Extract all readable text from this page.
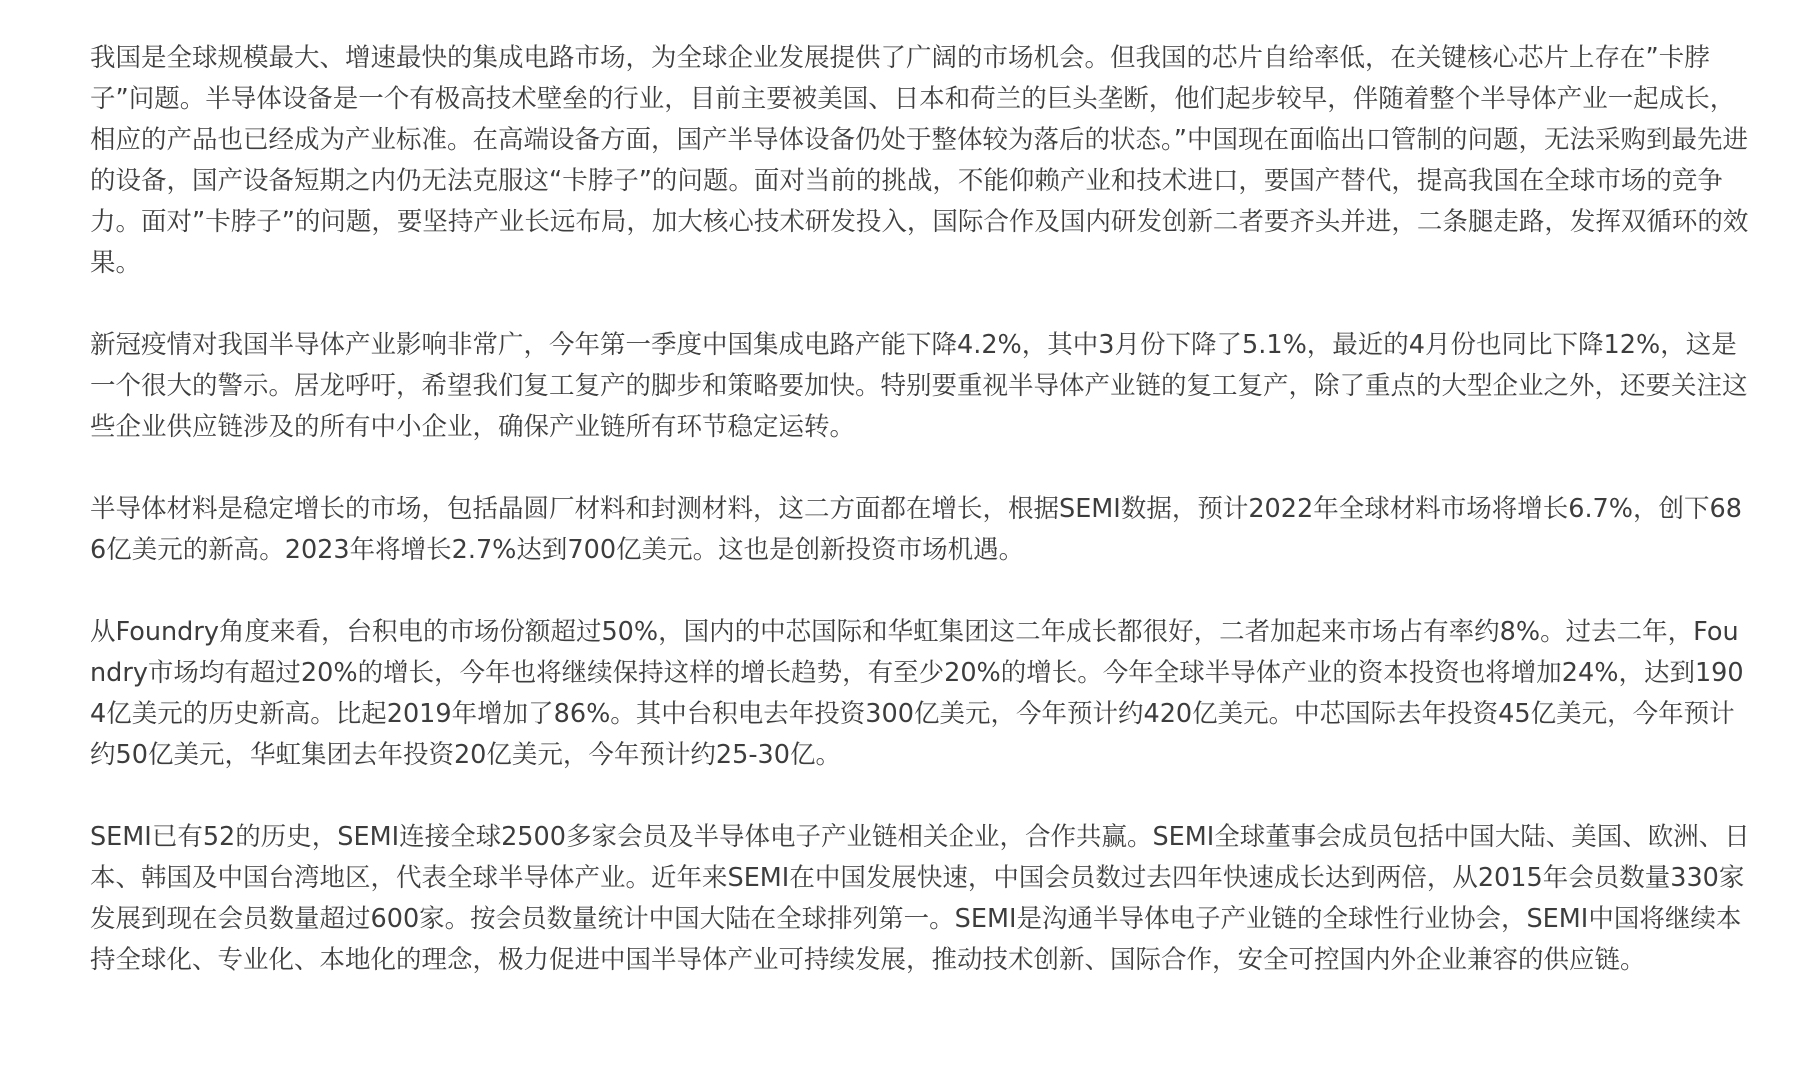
我国是全球规模最大、增速最快的集成电路市场，为全球企业发展提供了广阔的市场机会。但我国的芯片自给率低，在关键核心芯片上存在”卡脖子”问题。半导体设备是一个有极高技术壁垒的行业，目前主要被美国、日本和荷兰的巨头垄断，他们起步较早，伴随着整个半导体产业一起成长，相应的产品也已经成为产业标准。在高端设备方面，国产半导体设备仍处于整体较为落后的状态。”中国现在面临出口管制的问题，无法采购到最先进的设备，国产设备短期之内仍无法克服这“卡脖子”的问题。面对当前的挑战，不能仰赖产业和技术进口，要国产替代，提高我国在全球市场的竞争力。面对”卡脖子”的问题，要坚持产业长远布局，加大核心技术研发投入，国际合作及国内研发创新二者要齐头并进，二条腿走路，发挥双循环的效果。

新冠疫情对我国半导体产业影响非常广，今年第一季度中国集成电路产能下降4.2%，其中3月份下降了5.1%，最近的4月份也同比下降12%，这是一个很大的警示。居龙呼吁，希望我们复工复产的脚步和策略要加快。特别要重视半导体产业链的复工复产，除了重点的大型企业之外，还要关注这些企业供应链涉及的所有中小企业，确保产业链所有环节稳定运转。

半导体材料是稳定增长的市场，包括晶圆厂材料和封测材料，这二方面都在增长，根据SEMI数据，预计2022年全球材料市场将增长6.7%，创下686亿美元的新高。2023年将增长2.7%达到700亿美元。这也是创新投资市场机遇。

从Foundry角度来看，台积电的市场份额超过50%，国内的中芯国际和华虹集团这二年成长都很好，二者加起来市场占有率约8%。过去二年，Foundry市场均有超过20%的增长，今年也将继续保持这样的增长趋势，有至少20%的增长。今年全球半导体产业的资本投资也将增加24%，达到1904亿美元的历史新高。比起2019年增加了86%。其中台积电去年投资300亿美元，今年预计约420亿美元。中芯国际去年投资45亿美元，今年预计约50亿美元，华虹集团去年投资20亿美元，今年预计约25-30亿。

SEMI已有52的历史，SEMI连接全球2500多家会员及半导体电子产业链相关企业，合作共赢。SEMI全球董事会成员包括中国大陆、美国、欧洲、日本、韩国及中国台湾地区，代表全球半导体产业。近年来SEMI在中国发展快速，中国会员数过去四年快速成长达到两倍，从2015年会员数量330家发展到现在会员数量超过600家。按会员数量统计中国大陆在全球排列第一。SEMI是沟通半导体电子产业链的全球性行业协会，SEMI中国将继续本持全球化、专业化、本地化的理念，极力促进中国半导体产业可持续发展，推动技术创新、国际合作，安全可控国内外企业兼容的供应链。
